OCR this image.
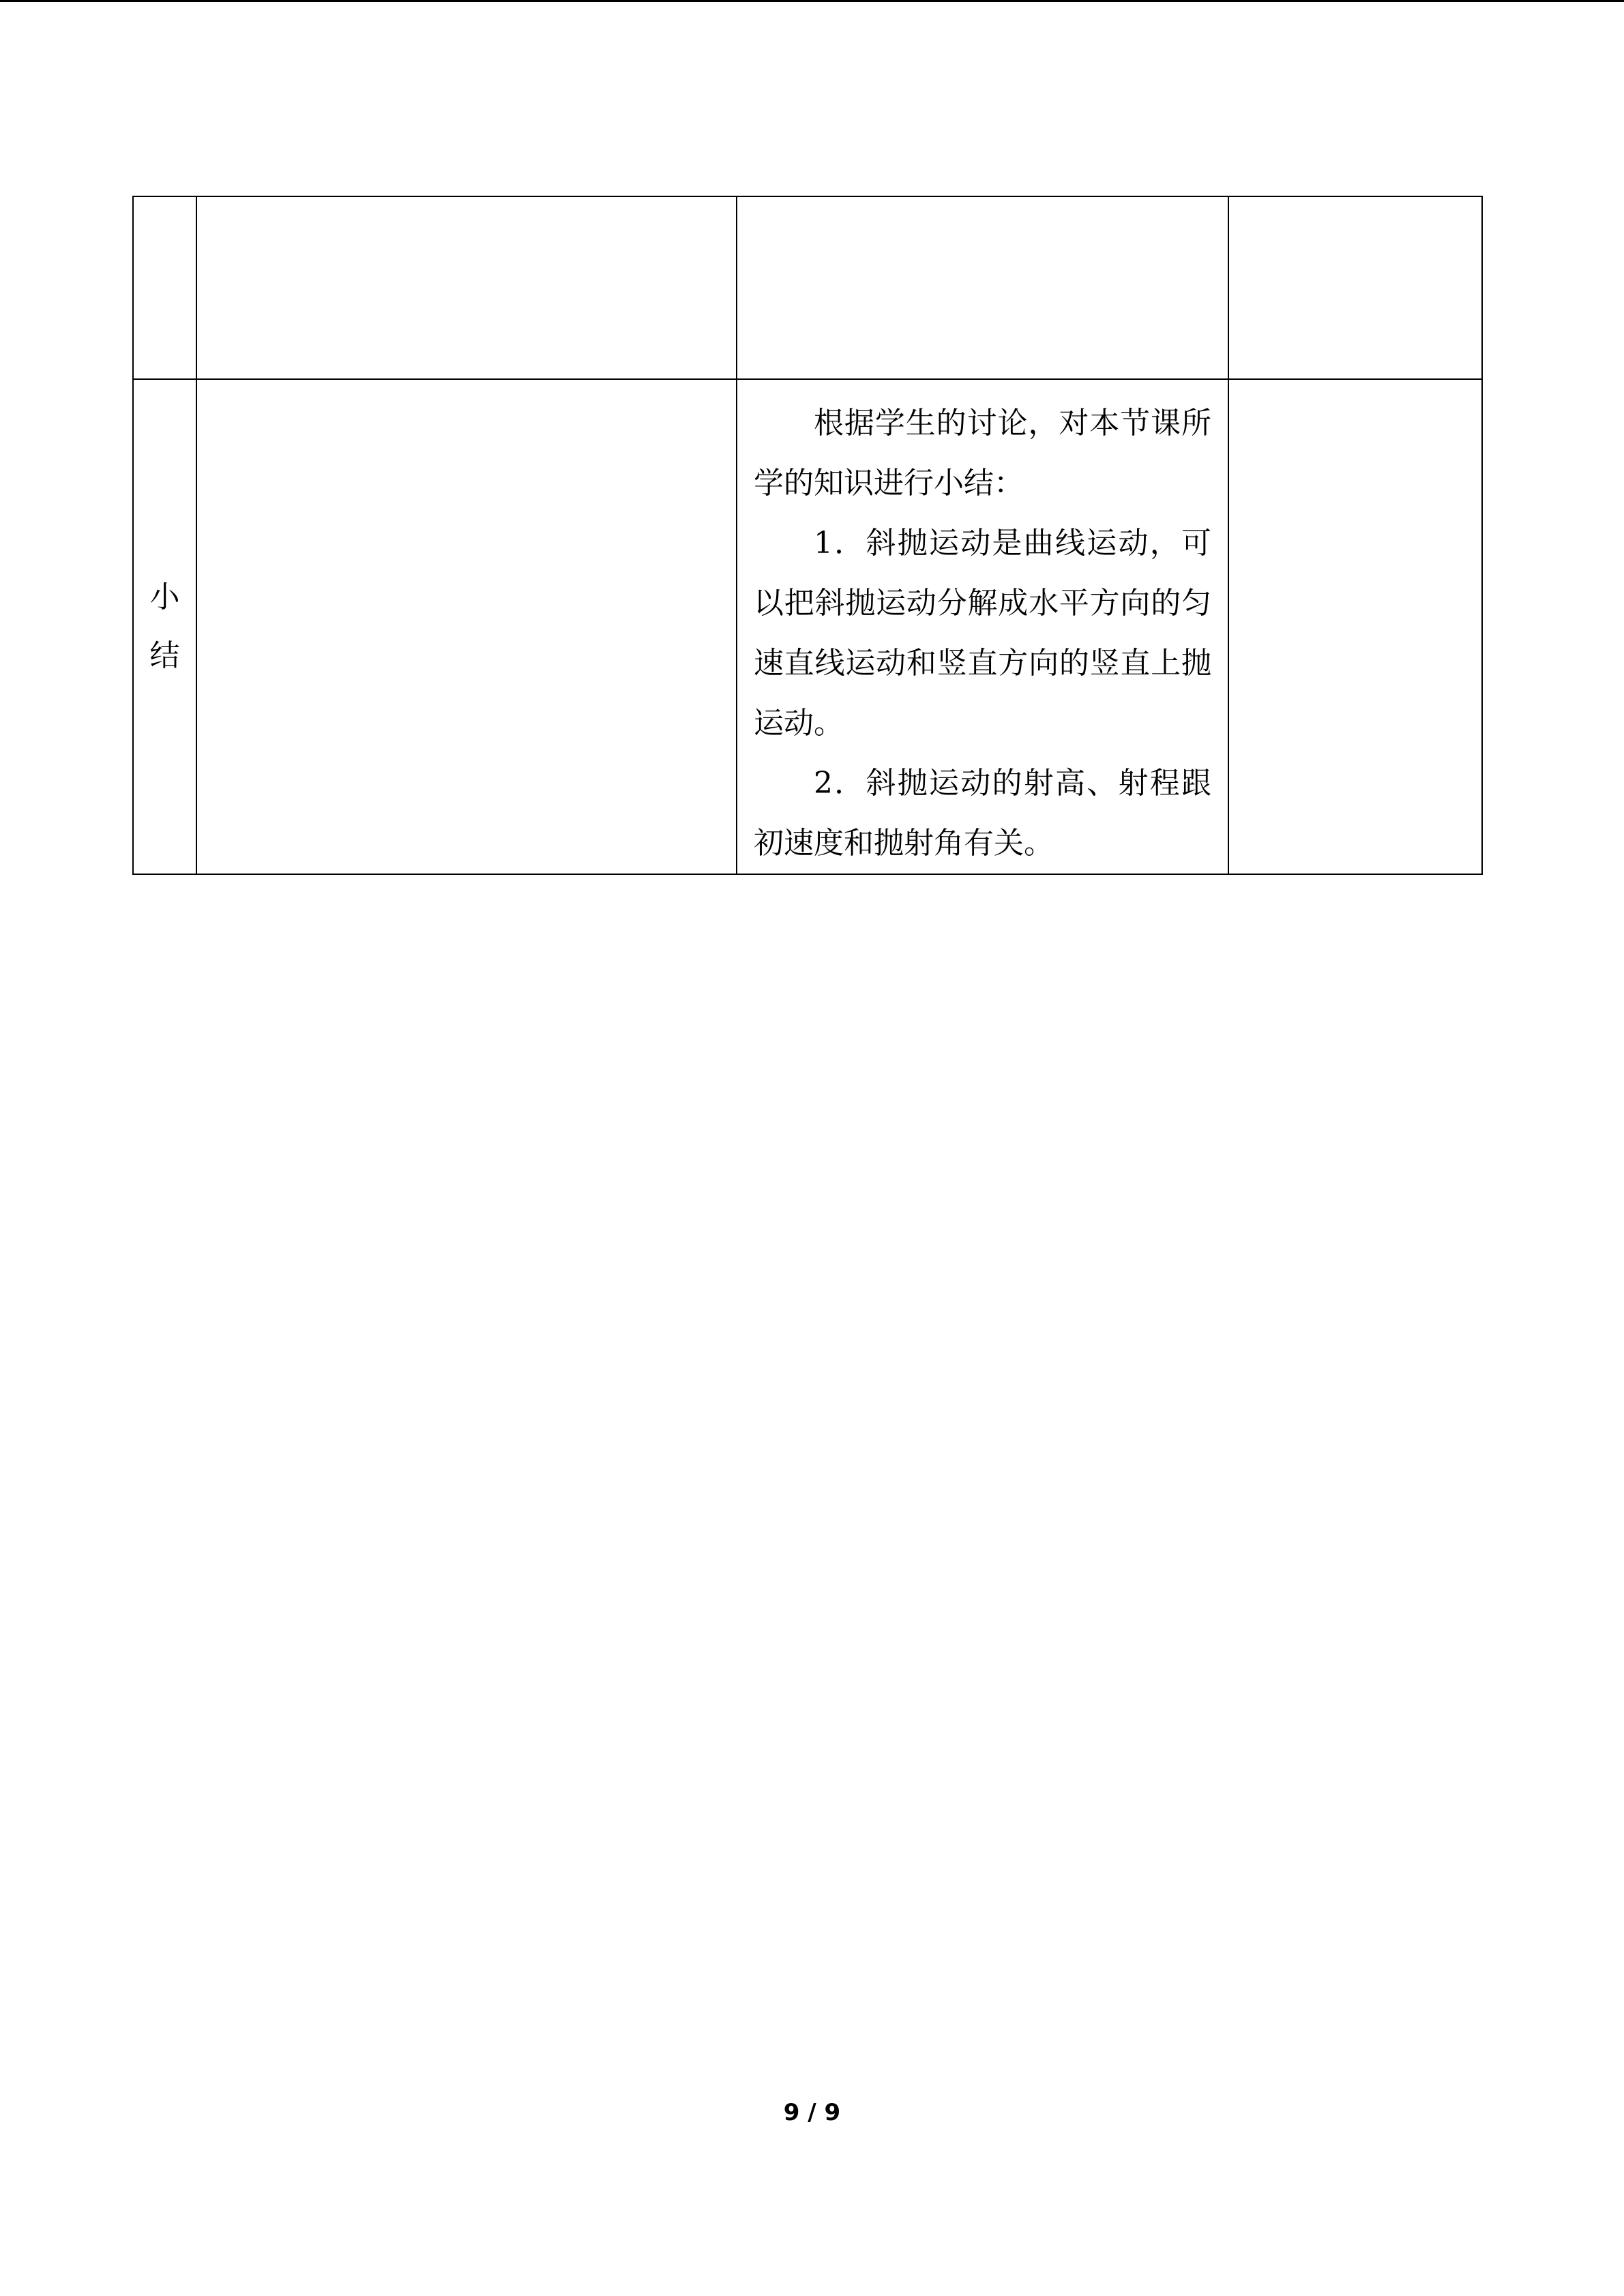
小结		根据学生的讨论，对本节课所学的知识进行小结：

1．斜抛运动是曲线运动，可以把斜抛运动分解成水平方向的匀速直线运动和竖直方向的竖直上抛运动。

2．斜抛运动的射高、射程跟初速度和抛射角有关。	

9 / 9
